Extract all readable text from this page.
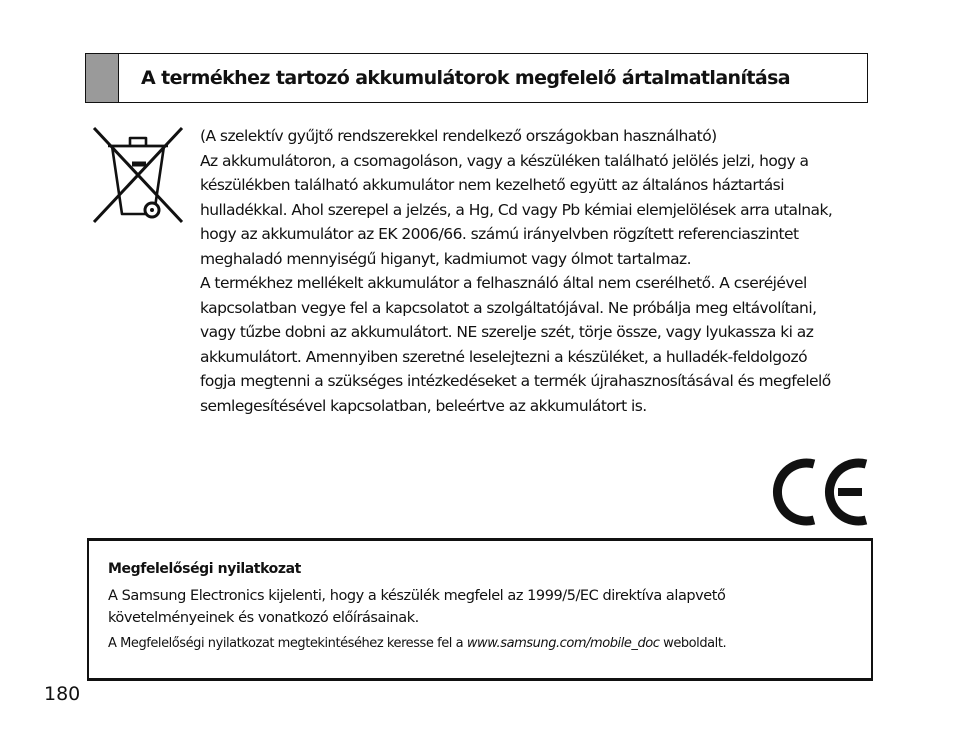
A termékhez tartozó akkumulátorok megfelelő ártalmatlanítása

(A szelektív gyűjtő rendszerekkel rendelkező országokban használható)

Az akkumulátoron, a csomagoláson, vagy a készüléken található jelölés jelzi, hogy a készülékben található akkumulátor nem kezelhető együtt az általános háztartási hulladékkal. Ahol szerepel a jelzés, a Hg, Cd vagy Pb kémiai elemjelölések arra utalnak, hogy az akkumulátor az EK 2006/66. számú irányelvben rögzített referenciaszintet meghaladó mennyiségű higanyt, kadmiumot vagy ólmot tartalmaz.

A termékhez mellékelt akkumulátor a felhasználó által nem cserélhető. A cseréjével kapcsolatban vegye fel a kapcsolatot a szolgáltatójával. Ne próbálja meg eltávolítani, vagy tűzbe dobni az akkumulátort. NE szerelje szét, törje össze, vagy lyukassza ki az akkumulátort. Amennyiben szeretné leselejtezni a készüléket, a hulladék-feldolgozó fogja megtenni a szükséges intézkedéseket a termék újrahasznosításával és megfelelő semlegesítésével kapcsolatban, beleértve az akkumulátort is.

Megfelelőségi nyilatkozat

A Samsung Electronics kijelenti, hogy a készülék megfelel az 1999/5/EC direktíva alapvető követelményeinek és vonatkozó előírásainak.

A Megfelelőségi nyilatkozat megtekintéséhez keresse fel a www.samsung.com/mobile_doc weboldalt.

180
